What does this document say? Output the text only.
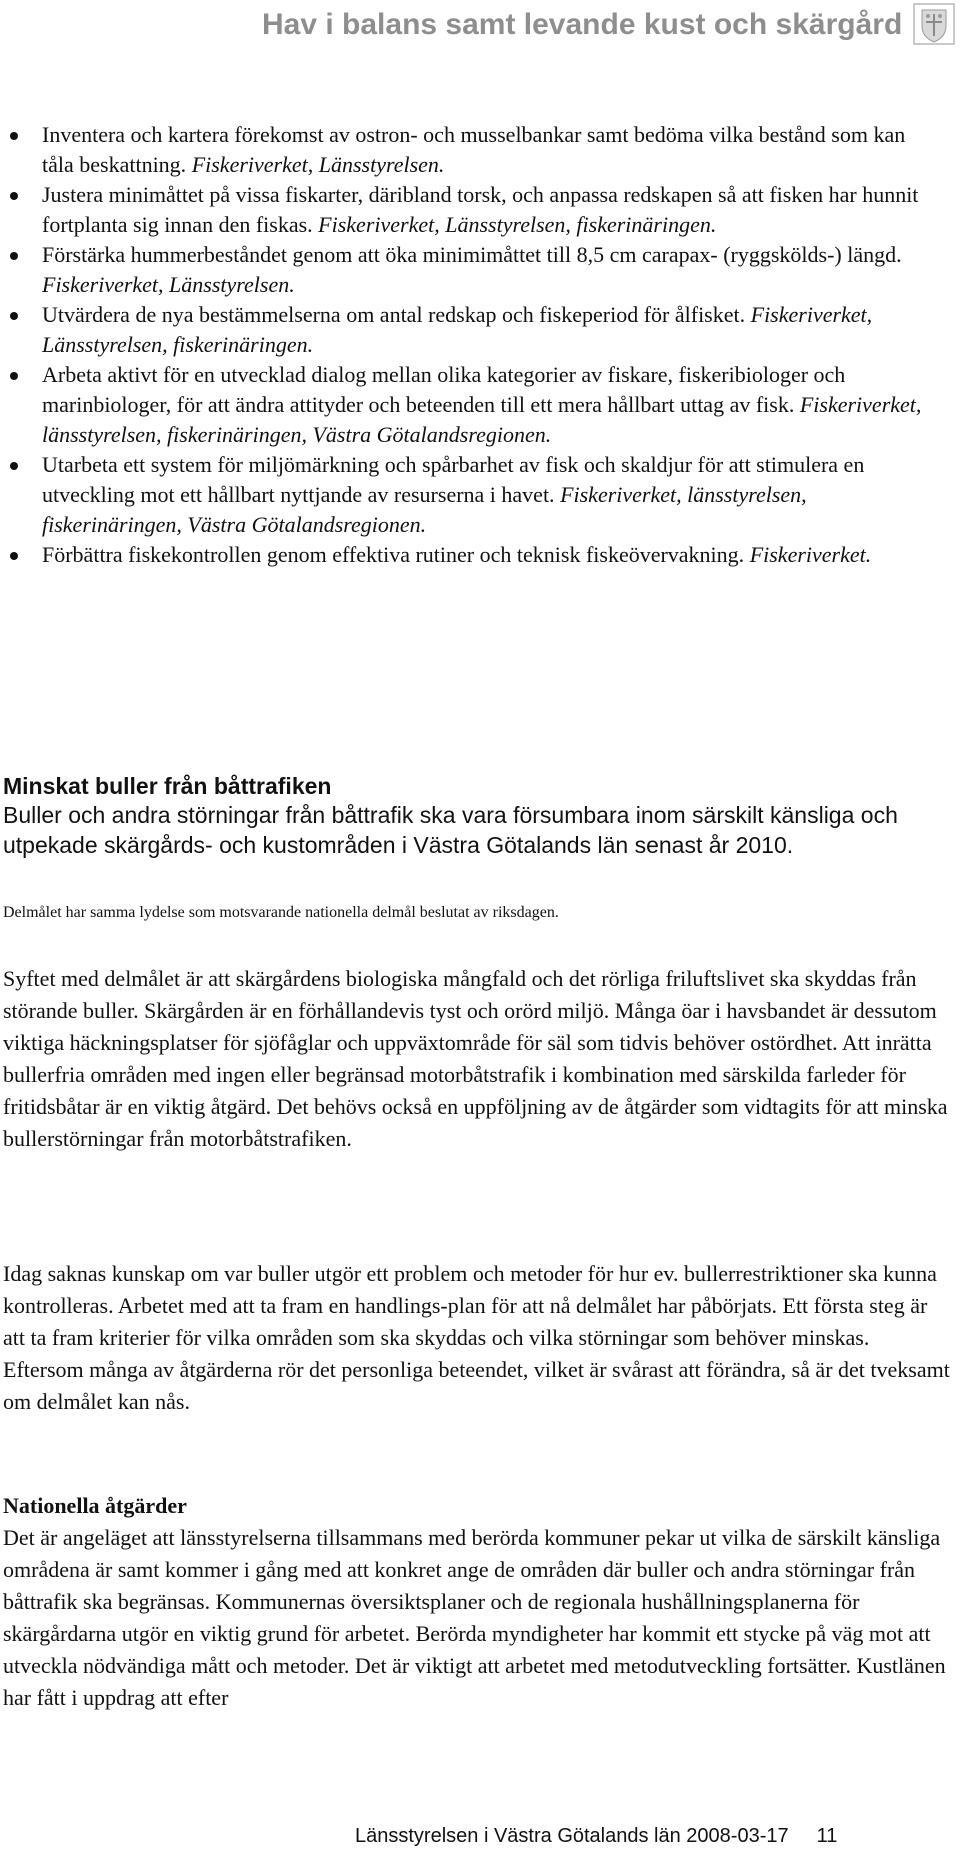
Hav i balans samt levande kust och skärgård
Inventera och kartera förekomst av ostron- och musselbankar samt bedöma vilka bestånd som kan tåla beskattning. Fiskeriverket, Länsstyrelsen.
Justera minimåttet på vissa fiskarter, däribland torsk, och anpassa redskapen så att fisken har hunnit fortplanta sig innan den fiskas. Fiskeriverket, Länsstyrelsen, fiskerinäringen.
Förstärka hummerbeståndet genom att öka minimimåttet till 8,5 cm carapax- (ryggskölds-) längd. Fiskeriverket, Länsstyrelsen.
Utvärdera de nya bestämmelserna om antal redskap och fiskeperiod för ålfisket. Fiskeriverket, Länsstyrelsen, fiskerinäringen.
Arbeta aktivt för en utvecklad dialog mellan olika kategorier av fiskare, fiskeribiologer och marinbiologer, för att ändra attityder och beteenden till ett mera hållbart uttag av fisk. Fiskeriverket, länsstyrelsen, fiskerinäringen, Västra Götalandsregionen.
Utarbeta ett system för miljömärkning och spårbarhet av fisk och skaldjur för att stimulera en utveckling mot ett hållbart nyttjande av resurserna i havet. Fiskeriverket, länsstyrelsen, fiskerinäringen, Västra Götalandsregionen.
Förbättra fiskekontrollen genom effektiva rutiner och teknisk fiskeövervakning. Fiskeriverket.
Minskat buller från båttrafiken
Buller och andra störningar från båttrafik ska vara försumbara inom särskilt känsliga och utpekade skärgårds- och kustområden i Västra Götalands län senast år 2010.
Delmålet har samma lydelse som motsvarande nationella delmål beslutat av riksdagen.
Syftet med delmålet är att skärgårdens biologiska mångfald och det rörliga friluftslivet ska skyddas från störande buller. Skärgården är en förhållandevis tyst och orörd miljö. Många öar i havsbandet är dessutom viktiga häckningsplatser för sjöfåglar och uppväxtområde för säl som tidvis behöver ostördhet. Att inrätta bullerfria områden med ingen eller begränsad motorbåtstrafik i kombination med särskilda farleder för fritidsbåtar är en viktig åtgärd. Det behövs också en uppföljning av de åtgärder som vidtagits för att minska bullerstörningar från motorbåtstrafiken.
Idag saknas kunskap om var buller utgör ett problem och metoder för hur ev. bullerrestriktioner ska kunna kontrolleras. Arbetet med att ta fram en handlings-plan för att nå delmålet har påbörjats. Ett första steg är att ta fram kriterier för vilka områden som ska skyddas och vilka störningar som behöver minskas. Eftersom många av åtgärderna rör det personliga beteendet, vilket är svårast att förändra, så är det tveksamt om delmålet kan nås.
Nationella åtgärder
Det är angeläget att länsstyrelserna tillsammans med berörda kommuner pekar ut vilka de särskilt känsliga områdena är samt kommer i gång med att konkret ange de områden där buller och andra störningar från båttrafik ska begränsas. Kommunernas översiktsplaner och de regionala hushållningsplanerna för skärgårdarna utgör en viktig grund för arbetet. Berörda myndigheter har kommit ett stycke på väg mot att utveckla nödvändiga mått och metoder. Det är viktigt att arbetet med metodutveckling fortsätter. Kustlänen har fått i uppdrag att efter
Länsstyrelsen i Västra Götalands län 2008-03-17 11
